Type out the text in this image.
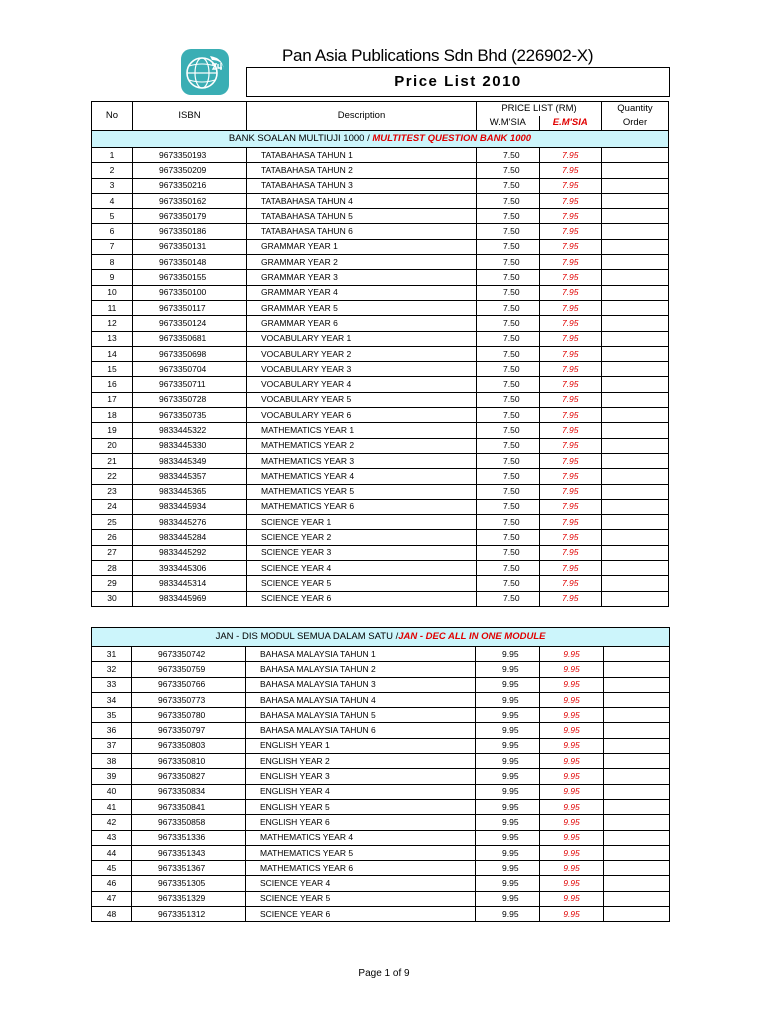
Pan Asia Publications Sdn Bhd (226902-X)
Price List 2010
No	ISBN	Description	PRICE LIST (RM)		Quantity
			W.M'SIA	E.M'SIA	Order
BANK SOALAN MULTIUJI 1000 / MULTITEST QUESTION BANK 1000					
1	9673350193	TATABAHASA TAHUN 1	7.50	7.95	
2	9673350209	TATABAHASA TAHUN 2	7.50	7.95	
3	9673350216	TATABAHASA TAHUN 3	7.50	7.95	
4	9673350162	TATABAHASA TAHUN 4	7.50	7.95	
5	9673350179	TATABAHASA TAHUN 5	7.50	7.95	
6	9673350186	TATABAHASA TAHUN 6	7.50	7.95	
7	9673350131	GRAMMAR YEAR 1	7.50	7.95	
8	9673350148	GRAMMAR YEAR 2	7.50	7.95	
9	9673350155	GRAMMAR YEAR 3	7.50	7.95	
10	9673350100	GRAMMAR YEAR 4	7.50	7.95	
11	9673350117	GRAMMAR YEAR 5	7.50	7.95	
12	9673350124	GRAMMAR YEAR 6	7.50	7.95	
13	9673350681	VOCABULARY YEAR 1	7.50	7.95	
14	9673350698	VOCABULARY YEAR 2	7.50	7.95	
15	9673350704	VOCABULARY YEAR 3	7.50	7.95	
16	9673350711	VOCABULARY YEAR 4	7.50	7.95	
17	9673350728	VOCABULARY YEAR 5	7.50	7.95	
18	9673350735	VOCABULARY YEAR 6	7.50	7.95	
19	9833445322	MATHEMATICS YEAR 1	7.50	7.95	
20	9833445330	MATHEMATICS YEAR 2	7.50	7.95	
21	9833445349	MATHEMATICS YEAR 3	7.50	7.95	
22	9833445357	MATHEMATICS YEAR 4	7.50	7.95	
23	9833445365	MATHEMATICS YEAR 5	7.50	7.95	
24	9833445934	MATHEMATICS YEAR 6	7.50	7.95	
25	9833445276	SCIENCE YEAR 1	7.50	7.95	
26	9833445284	SCIENCE YEAR 2	7.50	7.95	
27	9833445292	SCIENCE YEAR 3	7.50	7.95	
28	3933445306	SCIENCE YEAR 4	7.50	7.95	
29	9833445314	SCIENCE YEAR 5	7.50	7.95	
30	9833445969	SCIENCE YEAR 6	7.50	7.95	
JAN - DIS MODUL SEMUA DALAM SATU /JAN - DEC ALL IN ONE MODULE					
31	9673350742	BAHASA MALAYSIA TAHUN 1	9.95	9.95	
32	9673350759	BAHASA MALAYSIA TAHUN 2	9.95	9.95	
33	9673350766	BAHASA MALAYSIA TAHUN 3	9.95	9.95	
34	9673350773	BAHASA MALAYSIA TAHUN 4	9.95	9.95	
35	9673350780	BAHASA MALAYSIA TAHUN 5	9.95	9.95	
36	9673350797	BAHASA MALAYSIA TAHUN 6	9.95	9.95	
37	9673350803	ENGLISH YEAR 1	9.95	9.95	
38	9673350810	ENGLISH YEAR 2	9.95	9.95	
39	9673350827	ENGLISH YEAR 3	9.95	9.95	
40	9673350834	ENGLISH YEAR 4	9.95	9.95	
41	9673350841	ENGLISH YEAR 5	9.95	9.95	
42	9673350858	ENGLISH YEAR 6	9.95	9.95	
43	9673351336	MATHEMATICS YEAR 4	9.95	9.95	
44	9673351343	MATHEMATICS YEAR 5	9.95	9.95	
45	9673351367	MATHEMATICS YEAR 6	9.95	9.95	
46	9673351305	SCIENCE YEAR 4	9.95	9.95	
47	9673351329	SCIENCE YEAR 5	9.95	9.95	
48	9673351312	SCIENCE YEAR 6	9.95	9.95	
Page 1 of 9
